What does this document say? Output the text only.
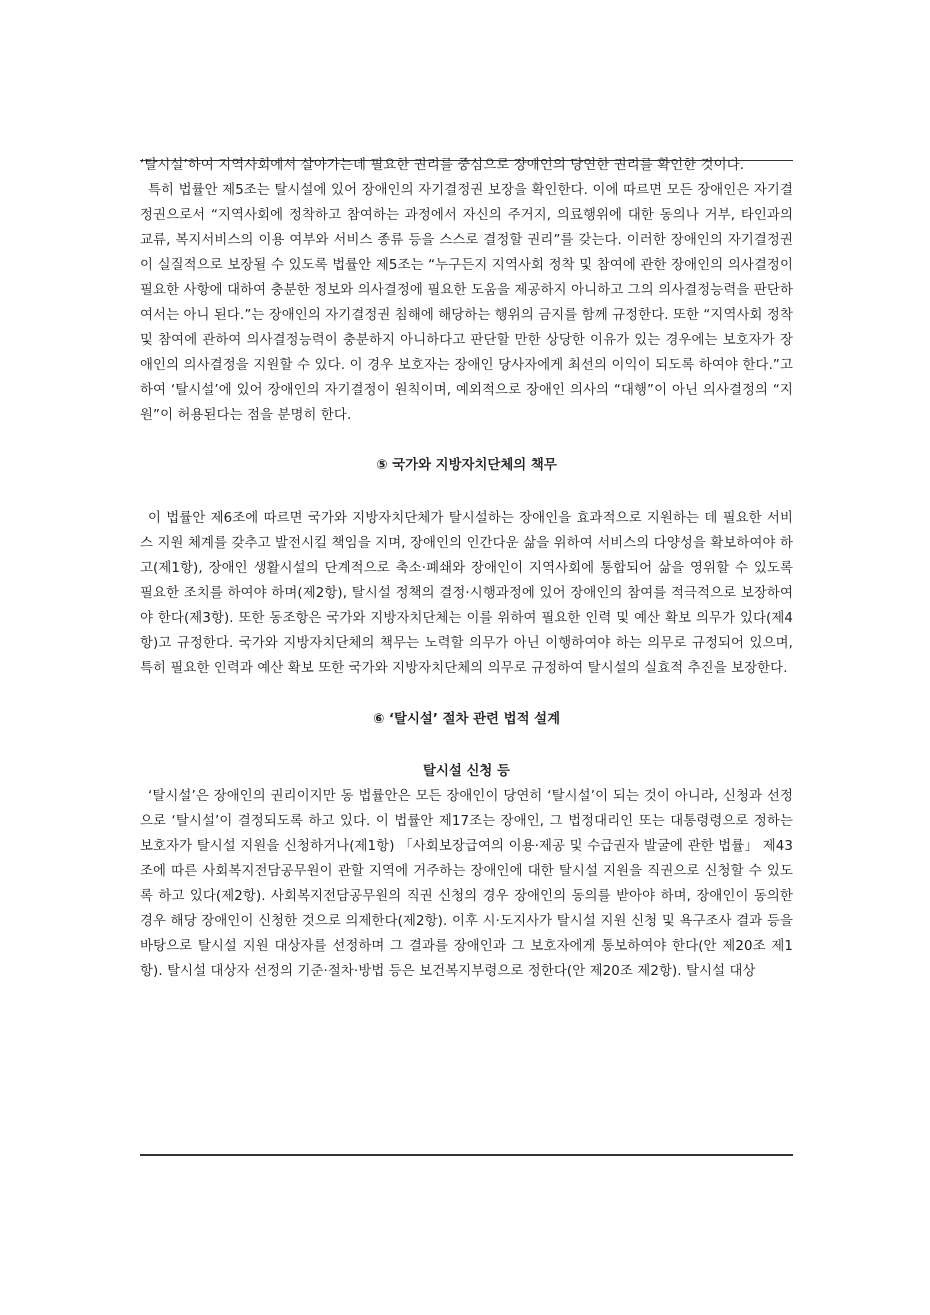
‘탈시설’하여 지역사회에서 살아가는데 필요한 권리를 중심으로 장애인의 당연한 권리를 확인한 것이다.

특히 법률안 제5조는 탈시설에 있어 장애인의 자기결정권 보장을 확인한다. 이에 따르면 모든 장애인은 자기결정권으로서 “지역사회에 정착하고 참여하는 과정에서 자신의 주거지, 의료행위에 대한 동의나 거부, 타인과의 교류, 복지서비스의 이용 여부와 서비스 종류 등을 스스로 결정할 권리”를 갖는다. 이러한 장애인의 자기결정권이 실질적으로 보장될 수 있도록 법률안 제5조는 “누구든지 지역사회 정착 및 참여에 관한 장애인의 의사결정이 필요한 사항에 대하여 충분한 정보와 의사결정에 필요한 도움을 제공하지 아니하고 그의 의사결정능력을 판단하여서는 아니 된다.”는 장애인의 자기결정권 침해에 해당하는 행위의 금지를 함께 규정한다. 또한 “지역사회 정착 및 참여에 관하여 의사결정능력이 충분하지 아니하다고 판단할 만한 상당한 이유가 있는 경우에는 보호자가 장애인의 의사결정을 지원할 수 있다. 이 경우 보호자는 장애인 당사자에게 최선의 이익이 되도록 하여야 한다.”고 하여 ‘탈시설’에 있어 장애인의 자기결정이 원칙이며, 예외적으로 장애인 의사의 “대행”이 아닌 의사결정의 “지원”이 허용된다는 점을 분명히 한다.

⑤ 국가와 지방자치단체의 책무

이 법률안 제6조에 따르면 국가와 지방자치단체가 탈시설하는 장애인을 효과적으로 지원하는 데 필요한 서비스 지원 체계를 갖추고 발전시킬 책임을 지며, 장애인의 인간다운 삶을 위하여 서비스의 다양성을 확보하여야 하고(제1항), 장애인 생활시설의 단계적으로 축소·폐쇄와 장애인이 지역사회에 통합되어 삶을 영위할 수 있도록 필요한 조치를 하여야 하며(제2항), 탈시설 정책의 결정·시행과정에 있어 장애인의 참여를 적극적으로 보장하여야 한다(제3항). 또한 동조항은 국가와 지방자치단체는 이를 위하여 필요한 인력 및 예산 확보 의무가 있다(제4항)고 규정한다. 국가와 지방자치단체의 책무는 노력할 의무가 아닌 이행하여야 하는 의무로 규정되어 있으며, 특히 필요한 인력과 예산 확보 또한 국가와 지방자치단체의 의무로 규정하여 탈시설의 실효적 추진을 보장한다.

⑥ ‘탈시설’ 절차 관련 법적 설계
탈시설 신청 등

‘탈시설’은 장애인의 권리이지만 동 법률안은 모든 장애인이 당연히 ‘탈시설’이 되는 것이 아니라, 신청과 선정으로 ‘탈시설’이 결정되도록 하고 있다. 이 법률안 제17조는 장애인, 그 법정대리인 또는 대통령령으로 정하는 보호자가 탈시설 지원을 신청하거나(제1항) 「사회보장급여의 이용·제공 및 수급권자 발굴에 관한 법률」 제43조에 따른 사회복지전담공무원이 관할 지역에 거주하는 장애인에 대한 탈시설 지원을 직권으로 신청할 수 있도록 하고 있다(제2항). 사회복지전담공무원의 직권 신청의 경우 장애인의 동의를 받아야 하며, 장애인이 동의한 경우 해당 장애인이 신청한 것으로 의제한다(제2항). 이후 시·도지사가 탈시설 지원 신청 및 욕구조사 결과 등을 바탕으로 탈시설 지원 대상자를 선정하며 그 결과를 장애인과 그 보호자에게 통보하여야 한다(안 제20조 제1항). 탈시설 대상자 선정의 기준·절차·방법 등은 보건복지부령으로 정한다(안 제20조 제2항). 탈시설 대상
